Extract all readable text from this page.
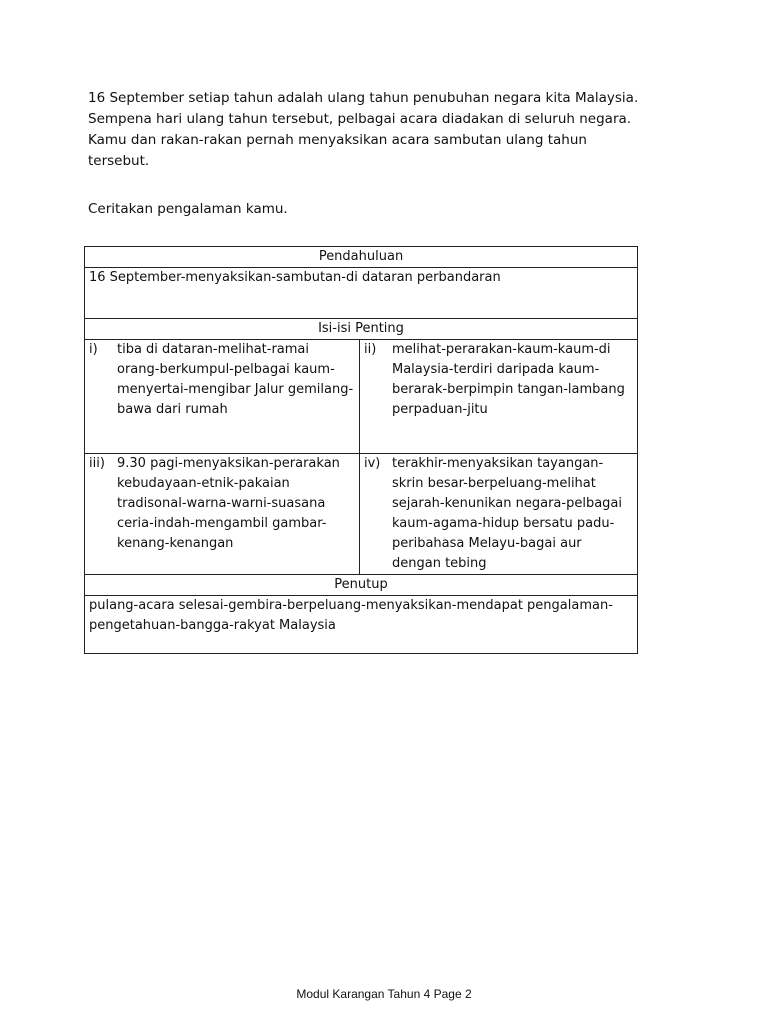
16 September setiap tahun adalah ulang tahun penubuhan negara kita Malaysia. Sempena hari ulang tahun tersebut, pelbagai acara diadakan di seluruh negara. Kamu dan rakan-rakan pernah menyaksikan acara sambutan ulang tahun tersebut.

Ceritakan pengalaman kamu.
Pendahuluan	
16 September-menyaksikan-sambutan-di dataran perbandaran	
Isi-isi Penting	

i) tiba di dataran-melihat-ramai orang-berkumpul-pelbagai kaum-menyertai-mengibar Jalur gemilang-bawa dari rumah	ii) melihat-perarakan-kaum-kaum-di Malaysia-terdiri daripada kaum-berarak-berpimpin tangan-lambang perpaduan-jitu

iii) 9.30 pagi-menyaksikan-perarakan kebudayaan-etnik-pakaian tradisonal-warna-warni-suasana ceria-indah-mengambil gambar-kenang-kenangan	iv) terakhir-menyaksikan tayangan-skrin besar-berpeluang-melihat sejarah-kenunikan negara-pelbagai kaum-agama-hidup bersatu padu-peribahasa Melayu-bagai aur dengan tebing

Penutup	
pulang-acara selesai-gembira-berpeluang-menyaksikan-mendapat pengalaman-pengetahuan-bangga-rakyat Malaysia	
Modul Karangan Tahun 4 Page 2
